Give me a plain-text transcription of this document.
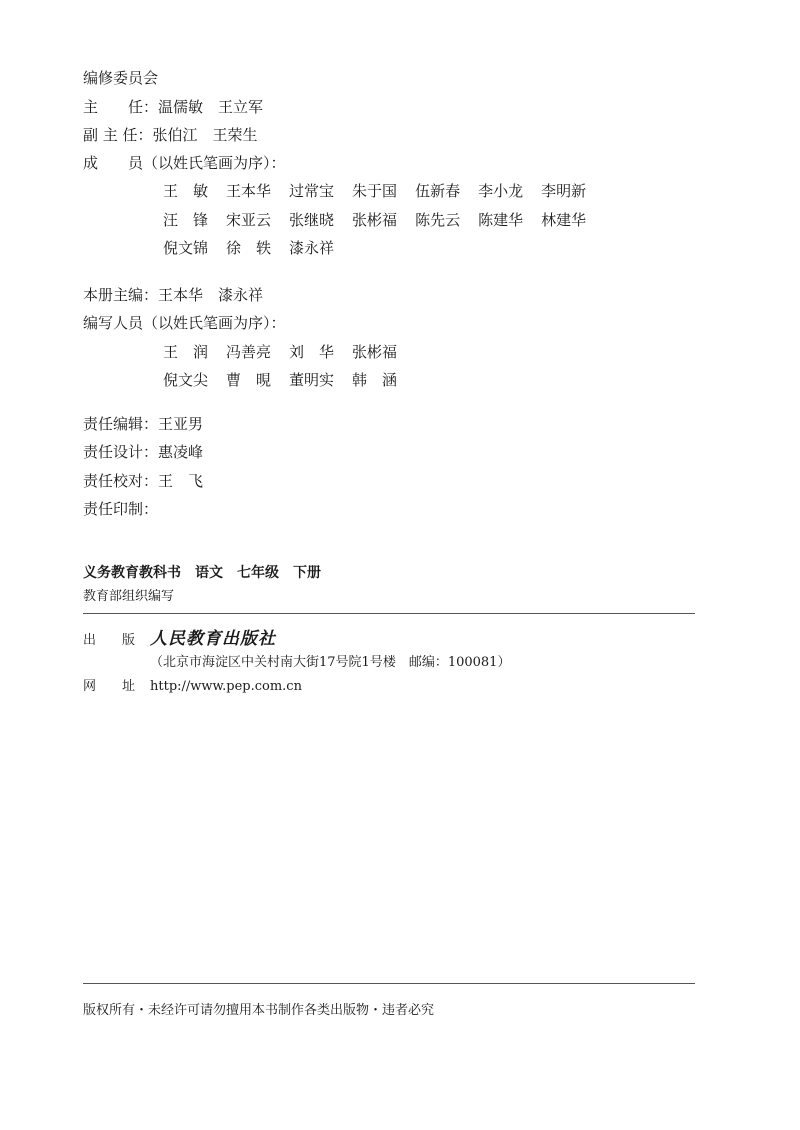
编修委员会
主　　任：温儒敏　王立军
副 主 任：张伯江　王荣生
成　　员（以姓氏笔画为序）：
王　敏 王本华 过常宝 朱于国 伍新春 李小龙 李明新
汪　锋 宋亚云 张继晓 张彬福 陈先云 陈建华 林建华
倪文锦 徐　轶 漆永祥
本册主编：王本华　漆永祥
编写人员（以姓氏笔画为序）：
王　润 冯善亮 刘　华 张彬福
倪文尖 曹　晛 董明实 韩　涵
责任编辑：王亚男
责任设计：惠凌峰
责任校对：王　飞
责任印制：
义务教育教科书 语文 七年级 下册
教育部组织编写
出　　版 人民教育出版社
（北京市海淀区中关村南大街17号院1号楼　邮编：100081）
网　　址 http://www.pep.com.cn
版权所有・未经许可请勿擅用本书制作各类出版物・违者必究
